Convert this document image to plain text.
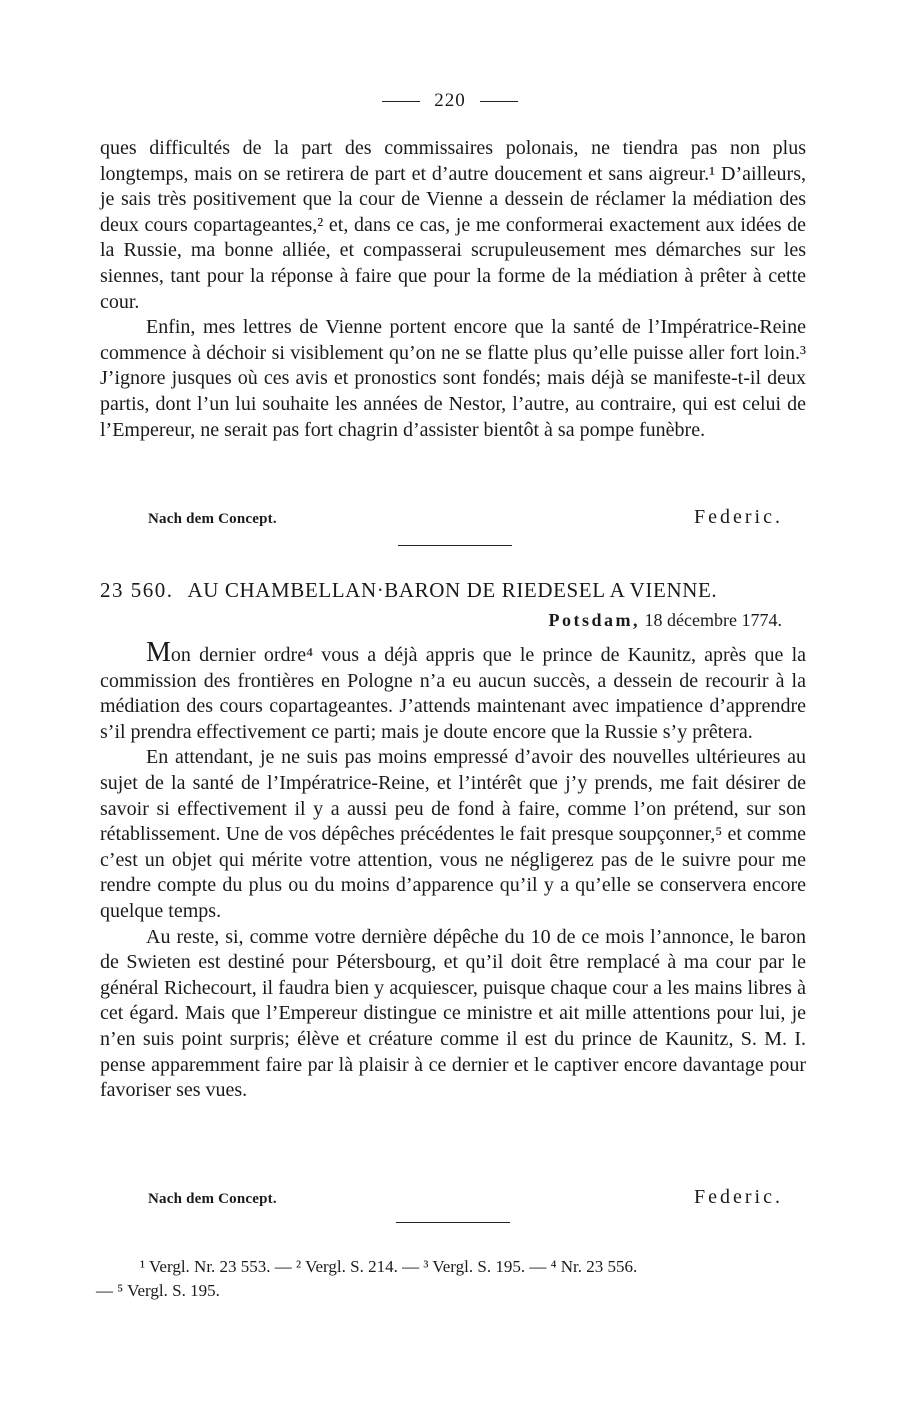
220

ques difficultés de la part des commissaires polonais, ne tiendra pas non plus longtemps, mais on se retirera de part et d’autre doucement et sans aigreur.¹ D’ailleurs, je sais très positivement que la cour de Vienne a dessein de réclamer la médiation des deux cours copartageantes,² et, dans ce cas, je me conformerai exactement aux idées de la Russie, ma bonne alliée, et compasserai scrupuleusement mes démarches sur les siennes, tant pour la réponse à faire que pour la forme de la médiation à prêter à cette cour.

Enfin, mes lettres de Vienne portent encore que la santé de l’Impératrice-Reine commence à déchoir si visiblement qu’on ne se flatte plus qu’elle puisse aller fort loin.³ J’ignore jusques où ces avis et pronostics sont fondés; mais déjà se manifeste-t-il deux partis, dont l’un lui souhaite les années de Nestor, l’autre, au contraire, qui est celui de l’Empereur, ne serait pas fort chagrin d’assister bientôt à sa pompe funèbre.

Nach dem Concept.	Federic.
23 560. AU CHAMBELLAN·BARON DE RIEDESEL A VIENNE.
Potsdam, 18 décembre 1774.

Mon dernier ordre⁴ vous a déjà appris que le prince de Kaunitz, après que la commission des frontières en Pologne n’a eu aucun succès, a dessein de recourir à la médiation des cours copartageantes. J’attends maintenant avec impatience d’apprendre s’il prendra effectivement ce parti; mais je doute encore que la Russie s’y prêtera.

En attendant, je ne suis pas moins empressé d’avoir des nouvelles ultérieures au sujet de la santé de l’Impératrice-Reine, et l’intérêt que j’y prends, me fait désirer de savoir si effectivement il y a aussi peu de fond à faire, comme l’on prétend, sur son rétablissement. Une de vos dépêches précédentes le fait presque soupçonner,⁵ et comme c’est un objet qui mérite votre attention, vous ne négligerez pas de le suivre pour me rendre compte du plus ou du moins d’apparence qu’il y a qu’elle se conservera encore quelque temps.

Au reste, si, comme votre dernière dépêche du 10 de ce mois l’annonce, le baron de Swieten est destiné pour Pétersbourg, et qu’il doit être remplacé à ma cour par le général Richecourt, il faudra bien y acquiescer, puisque chaque cour a les mains libres à cet égard. Mais que l’Empereur distingue ce ministre et ait mille attentions pour lui, je n’en suis point surpris; élève et créature comme il est du prince de Kaunitz, S. M. I. pense apparemment faire par là plaisir à ce dernier et le captiver encore davantage pour favoriser ses vues.

Nach dem Concept.	Federic.
¹ Vergl. Nr. 23 553. — ² Vergl. S. 214. — ³ Vergl. S. 195. — ⁴ Nr. 23 556.
— ⁵ Vergl. S. 195.
